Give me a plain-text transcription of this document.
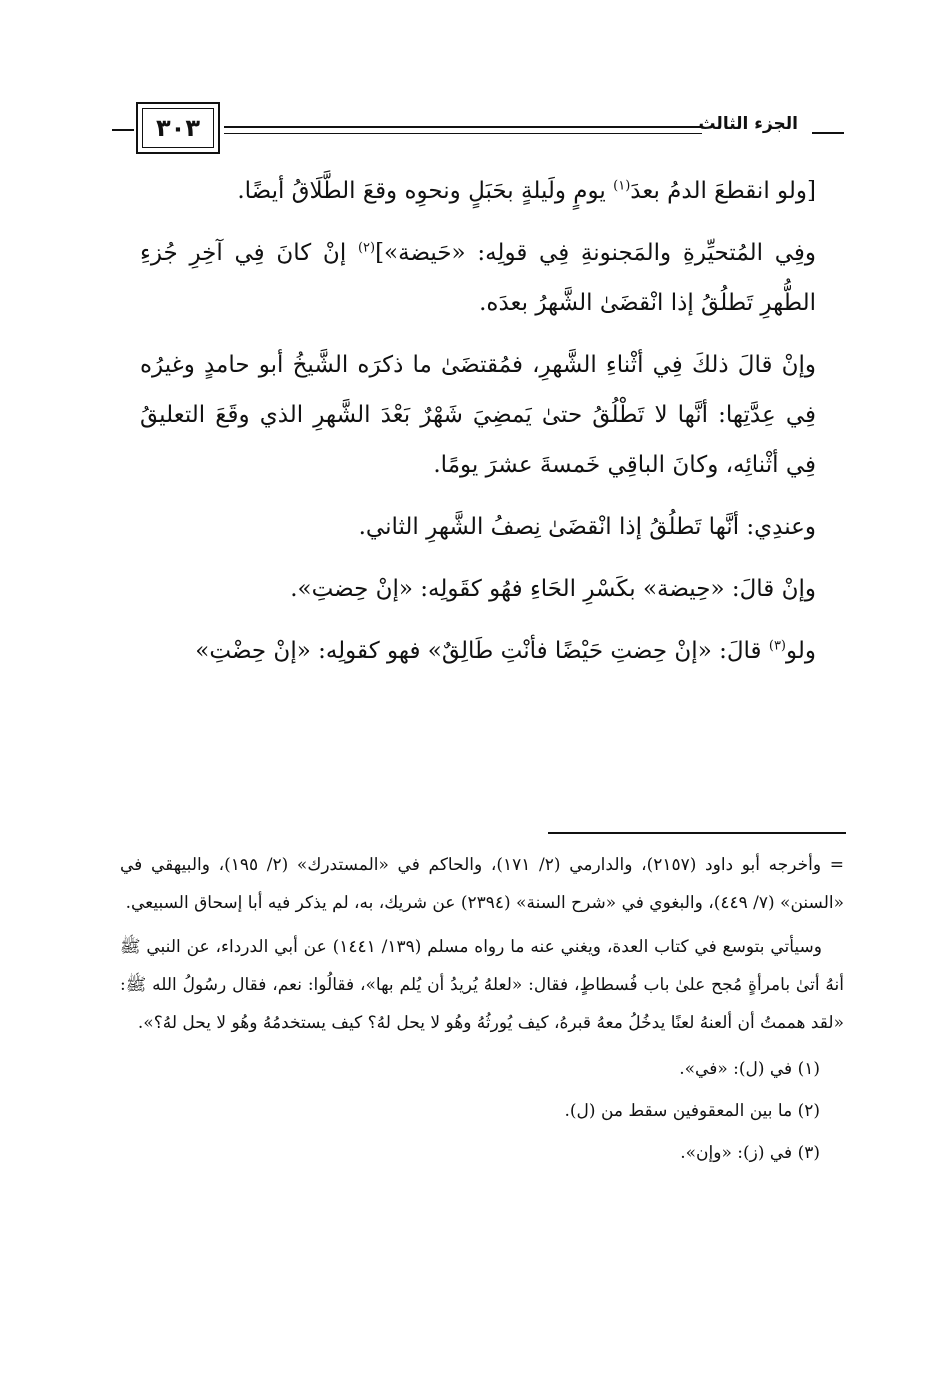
الجزء الثالث
٣٠٣

[ولو انقطعَ الدمُ بعدَ$^{(١)}$ يومٍ ولَيلةٍ بحَبَلٍ ونحوِه وقعَ الطَّلَاقُ أيضًا.

وفِي المُتحيِّرةِ والمَجنونةِ فِي قولِه: «حَيضة»]$^{(٢)}$ إنْ كانَ فِي آخِرِ جُزءِ الطُّهرِ تَطلُقُ إذا انْقضَىٰ الشَّهرُ بعدَه.

وإنْ قالَ ذلكَ فِي أثْناءِ الشَّهرِ، فمُقتضَىٰ ما ذكرَه الشَّيخُ أبو حامدٍ وغيرُه فِي عِدَّتِها: أنَّها لا تَطْلُقُ حتىٰ يَمضِيَ شَهْرٌ بَعْدَ الشَّهرِ الذي وقَعَ التعليقُ فِي أثْنائِه، وكانَ الباقِي خَمسةَ عشرَ يومًا.

وعندِي: أنَّها تَطلُقُ إذا انْقضَىٰ نِصفُ الشَّهرِ الثاني.

وإنْ قالَ: «حِيضة» بكَسْرِ الحَاءِ فهُو كقَولِه: «إنْ حِضتِ».

ولو$^{(٣)}$ قالَ: «إنْ حِضتِ حَيْضًا فأنْتِ طَالِقٌ» فهو كقولِه: «إنْ حِضْتِ»

= وأخرجه أبو داود (٢١٥٧)، والدارمي (٢/ ١٧١)، والحاكم في «المستدرك» (٢/ ١٩٥)، والبيهقي في «السنن» (٧/ ٤٤٩)، والبغوي في «شرح السنة» (٢٣٩٤) عن شريك، به، لم يذكر فيه أبا إسحاق السبيعي.

وسيأتي بتوسع في كتاب العدة، ويغني عنه ما رواه مسلم (١٣٩/ ١٤٤١) عن أبي الدرداء، عن النبي ﷺ أنهُ أتىٰ بامرأةٍ مُجح علىٰ باب فُسطاطٍ، فقال: «لعلهُ يُريدُ أن يُلم بها»، فقالُوا: نعم، فقال رسُولُ الله ﷺ: «لقد هممتُ أن ألعنهُ لعنًا يدخُلُ معهُ قبرهُ، كيف يُورثُهُ وهُو لا يحل لهُ؟ كيف يستخدمُهُ وهُو لا يحل لهُ؟».

(١) في (ل): «في».

(٢) ما بين المعقوفين سقط من (ل).

(٣) في (ز): «وإن».
